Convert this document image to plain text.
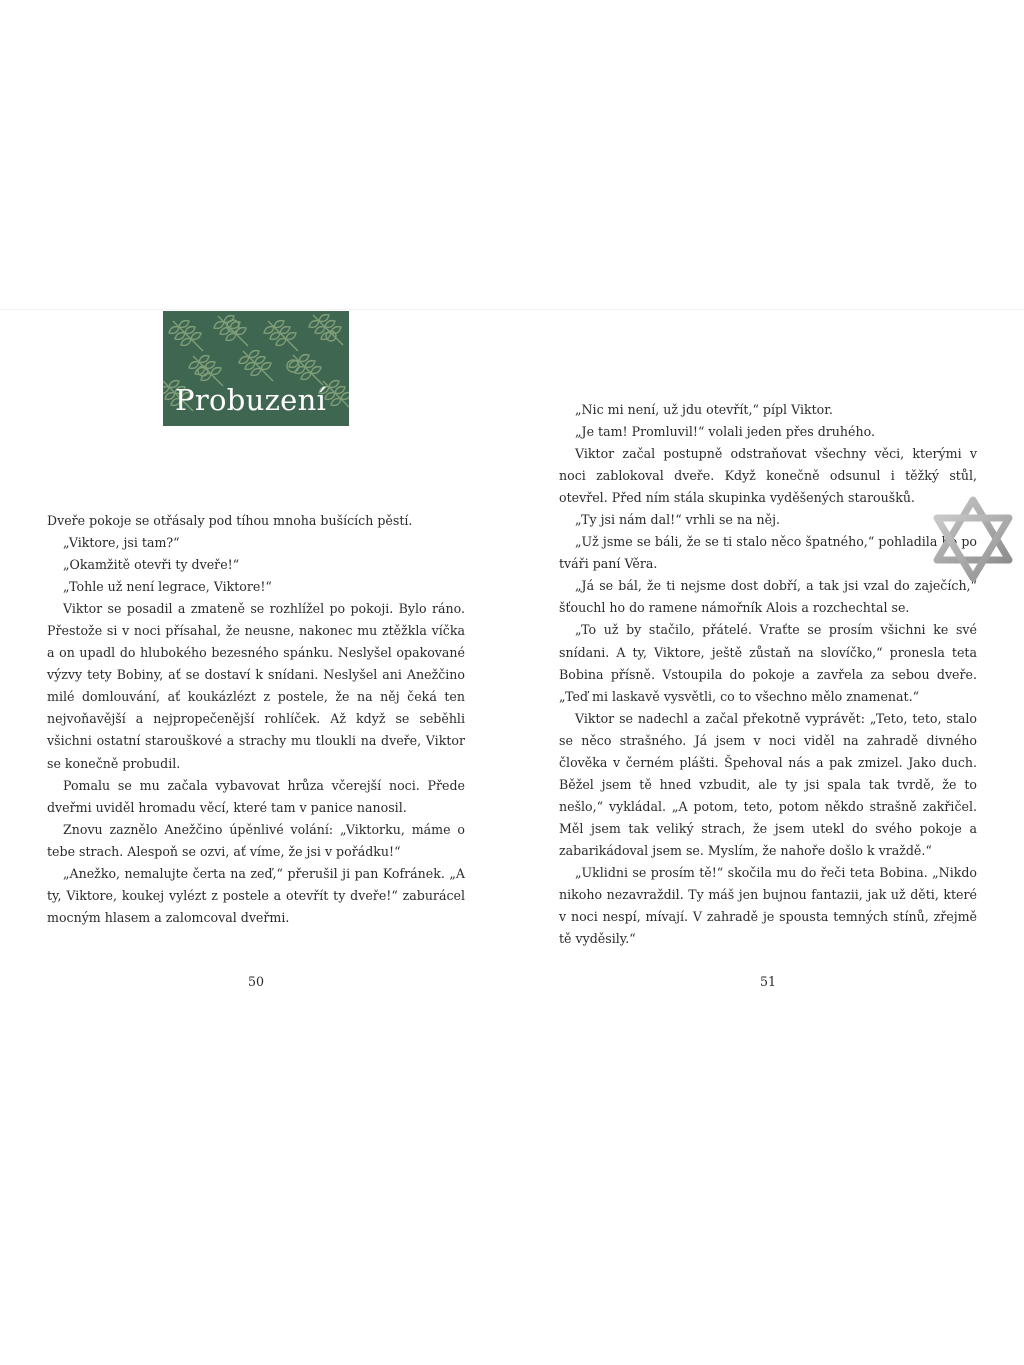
Probuzení

Dveře pokoje se otřásaly pod tíhou mnoha bušících pěstí.

„Viktore, jsi tam?“

„Okamžitě otevři ty dveře!“

„Tohle už není legrace, Viktore!“

Viktor se posadil a zmateně se rozhlížel po pokoji. Bylo ráno. Přestože si v noci přísahal, že neusne, nakonec mu ztěžkla víčka a on upadl do hlubokého bezesného spánku. Neslyšel opakované výzvy tety Bobiny, ať se dostaví k snídani. Neslyšel ani Anežčino milé domlouvání, ať koukázlézt z postele, že na něj čeká ten nejvoňavější a nejpropečenější rohlíček. Až když se seběhli všichni ostatní starouškové a strachy mu tloukli na dveře, Viktor se konečně probudil.

Pomalu se mu začala vybavovat hrůza včerejší noci. Přede dveřmi uviděl hromadu věcí, které tam v panice nanosil.

Znovu zaznělo Anežčino úpěnlivé volání: „Viktorku, máme o tebe strach. Alespoň se ozvi, ať víme, že jsi v pořádku!“

„Anežko, nemalujte čerta na zeď,“ přerušil ji pan Kofránek. „A ty, Viktore, koukej vylézt z postele a otevřít ty dveře!“ zaburácel mocným hlasem a zalomcoval dveřmi.

50

„Nic mi není, už jdu otevřít,“ pípl Viktor.

„Je tam! Promluvil!“ volali jeden přes druhého.

Viktor začal postupně odstraňovat všechny věci, kterými v noci zablokoval dveře. Když konečně odsunul i těžký stůl, otevřel. Před ním stála skupinka vyděšených staroušků.

„Ty jsi nám dal!“ vrhli se na něj.

„Už jsme se báli, že se ti stalo něco špatného,“ pohladila ho po tváři paní Věra.

„Já se bál, že ti nejsme dost dobří, a tak jsi vzal do zaječích,“ šťouchl ho do ramene námořník Alois a rozchechtal se.

„To už by stačilo, přátelé. Vraťte se prosím všichni ke své snídani. A ty, Viktore, ještě zůstaň na slovíčko,“ pronesla teta Bobina přísně. Vstoupila do pokoje a zavřela za sebou dveře. „Teď mi laskavě vysvětli, co to všechno mělo znamenat.“

Viktor se nadechl a začal překotně vyprávět: „Teto, teto, stalo se něco strašného. Já jsem v noci viděl na zahradě divného člověka v černém plášti. Špehoval nás a pak zmizel. Jako duch. Běžel jsem tě hned vzbudit, ale ty jsi spala tak tvrdě, že to nešlo,“ vykládal. „A potom, teto, potom někdo strašně zakřičel. Měl jsem tak veliký strach, že jsem utekl do svého pokoje a zabarikádoval jsem se. Myslím, že nahoře došlo k vraždě.“

„Uklidni se prosím tě!“ skočila mu do řeči teta Bobina. „Nikdo nikoho nezavraždil. Ty máš jen bujnou fantazii, jak už děti, které v noci nespí, mívají. V zahradě je spousta temných stínů, zřejmě tě vyděsily.“

51
